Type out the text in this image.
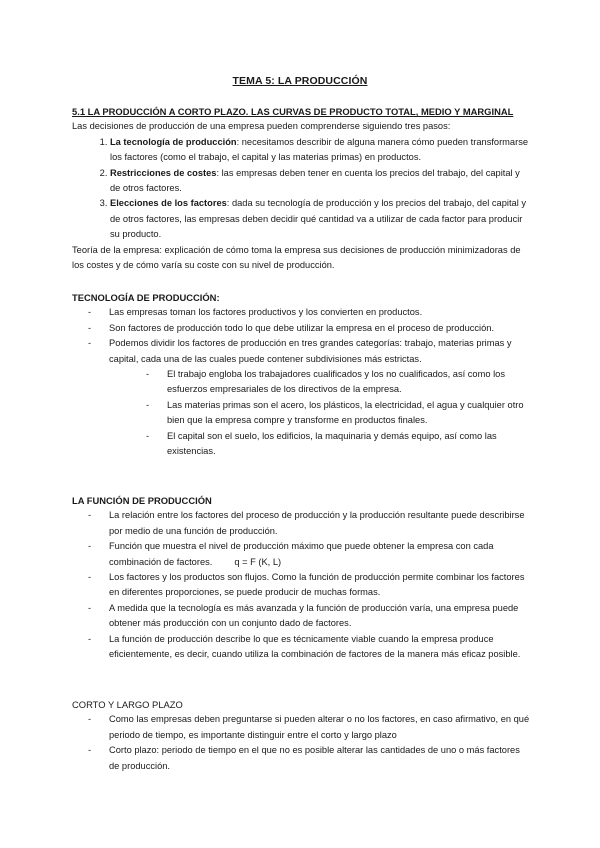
TEMA 5: LA PRODUCCIÓN

5.1 LA PRODUCCIÓN A CORTO PLAZO. LAS CURVAS DE PRODUCTO TOTAL, MEDIO Y MARGINAL

Las decisiones de producción de una empresa pueden comprenderse siguiendo tres pasos:

1. La tecnología de producción: necesitamos describir de alguna manera cómo pueden transformarse los factores (como el trabajo, el capital y las materias primas) en productos.
2. Restricciones de costes: las empresas deben tener en cuenta los precios del trabajo, del capital y de otros factores.
3. Elecciones de los factores: dada su tecnología de producción y los precios del trabajo, del capital y de otros factores, las empresas deben decidir qué cantidad va a utilizar de cada factor para producir su producto.

Teoría de la empresa: explicación de cómo toma la empresa sus decisiones de producción minimizadoras de los costes y de cómo varía su coste con su nivel de producción.

TECNOLOGÍA DE PRODUCCIÓN:

- Las empresas toman los factores productivos y los convierten en productos.
- Son factores de producción todo lo que debe utilizar la empresa en el proceso de producción.
- Podemos dividir los factores de producción en tres grandes categorías: trabajo, materias primas y capital, cada una de las cuales puede contener subdivisiones más estrictas.
- El trabajo engloba los trabajadores cualificados y los no cualificados, así como los esfuerzos empresariales de los directivos de la empresa.
- Las materias primas son el acero, los plásticos, la electricidad, el agua y cualquier otro bien que la empresa compre y transforme en productos finales.
- El capital son el suelo, los edificios, la maquinaria y demás equipo, así como las existencias.

LA FUNCIÓN DE PRODUCCIÓN

- La relación entre los factores del proceso de producción y la producción resultante puede describirse por medio de una función de producción.
- Función que muestra el nivel de producción máximo que puede obtener la empresa con cada combinación de factores. q = F (K, L)
- Los factores y los productos son flujos. Como la función de producción permite combinar los factores en diferentes proporciones, se puede producir de muchas formas.
- A medida que la tecnología es más avanzada y la función de producción varía, una empresa puede obtener más producción con un conjunto dado de factores.
- La función de producción describe lo que es técnicamente viable cuando la empresa produce eficientemente, es decir, cuando utiliza la combinación de factores de la manera más eficaz posible.

CORTO Y LARGO PLAZO

- Como las empresas deben preguntarse si pueden alterar o no los factores, en caso afirmativo, en qué periodo de tiempo, es importante distinguir entre el corto y largo plazo
- Corto plazo: periodo de tiempo en el que no es posible alterar las cantidades de uno o más factores de producción.
